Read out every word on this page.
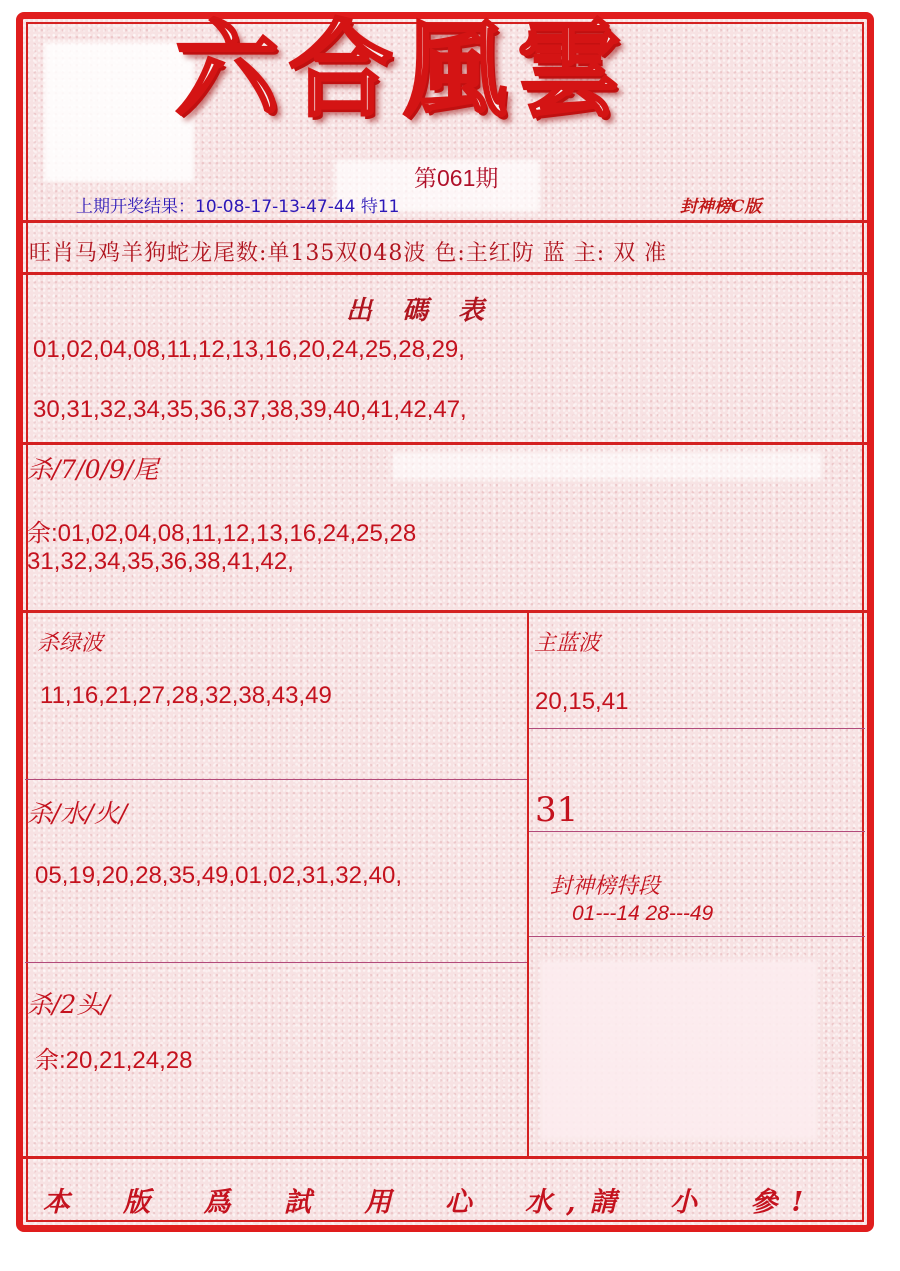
六合風雲
第061期
上期开奖结果：10-08-17-13-47-44 特11	封神榜C版
旺肖马鸡羊狗蛇龙尾数:单135双048波 色:主红防 蓝 主: 双 准
出碼表
01,02,04,08,11,12,13,16,20,24,25,28,29,
30,31,32,34,35,36,37,38,39,40,41,42,47,
杀/7/0/9/尾
余:01,02,04,08,11,12,13,16,24,25,28
31,32,34,35,36,38,41,42,
杀绿波
11,16,21,27,28,32,38,43,49
主蓝波
20,15,41
31
杀/水/火/
05,19,20,28,35,49,01,02,31,32,40,	封神榜特段
01---14 28---49
杀/2头/
余:20,21,24,28
本 版 爲 試 用 心 水,請 小 參!
